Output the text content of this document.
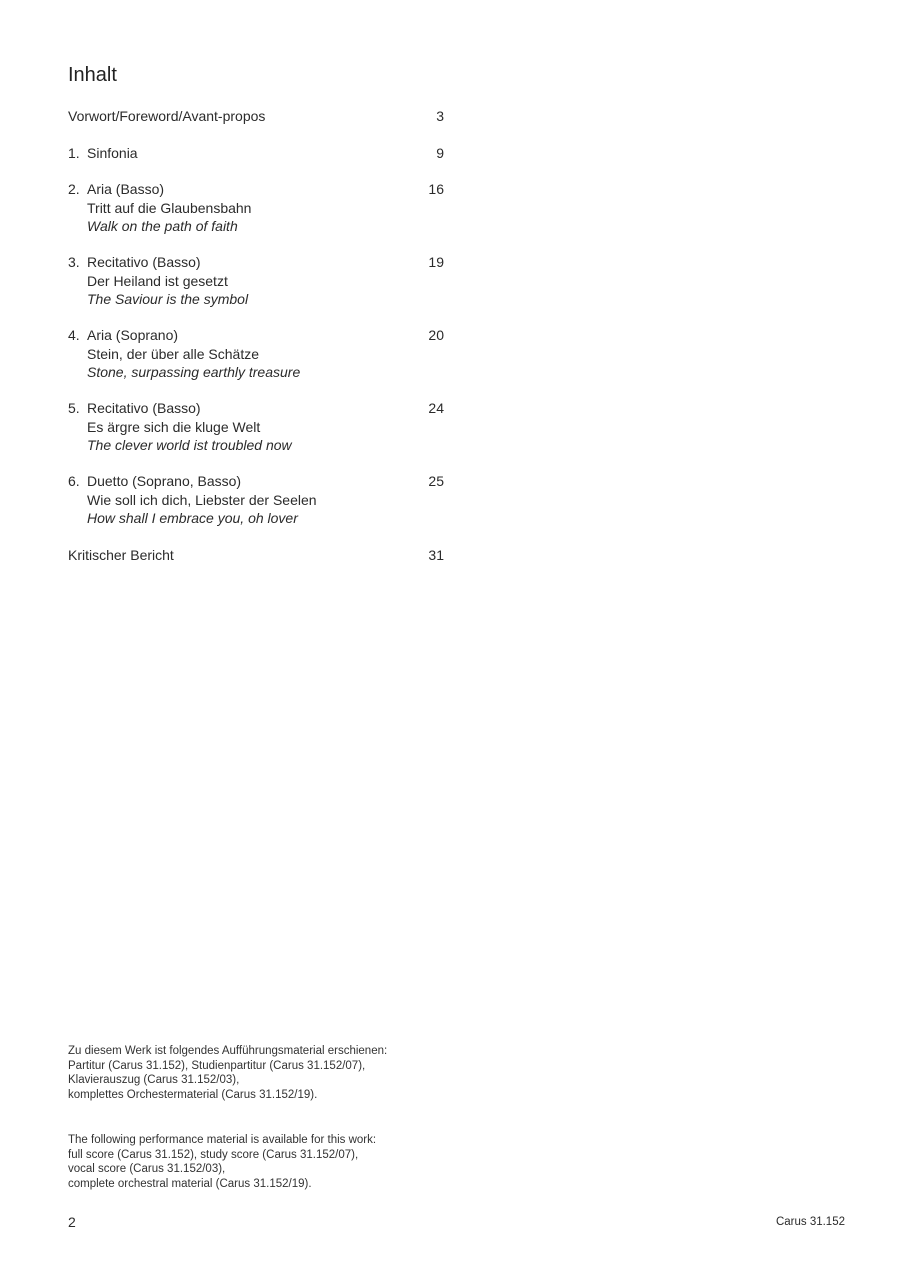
Inhalt
Vorwort/Foreword/Avant-propos	3
1. Sinfonia	9
2. Aria (Basso)	16
Tritt auf die Glaubensbahn
Walk on the path of faith
3. Recitativo (Basso)	19
Der Heiland ist gesetzt
The Saviour is the symbol
4. Aria (Soprano)	20
Stein, der über alle Schätze
Stone, surpassing earthly treasure
5. Recitativo (Basso)	24
Es ärgre sich die kluge Welt
The clever world ist troubled now
6. Duetto (Soprano, Basso)	25
Wie soll ich dich, Liebster der Seelen
How shall I embrace you, oh lover
Kritischer Bericht	31
Zu diesem Werk ist folgendes Aufführungsmaterial erschienen:
Partitur (Carus 31.152), Studienpartitur (Carus 31.152/07),
Klavierauszug (Carus 31.152/03),
komplettes Orchestermaterial (Carus 31.152/19).
The following performance material is available for this work:
full score (Carus 31.152), study score (Carus 31.152/07),
vocal score (Carus 31.152/03),
complete orchestral material (Carus 31.152/19).
2	Carus 31.152
